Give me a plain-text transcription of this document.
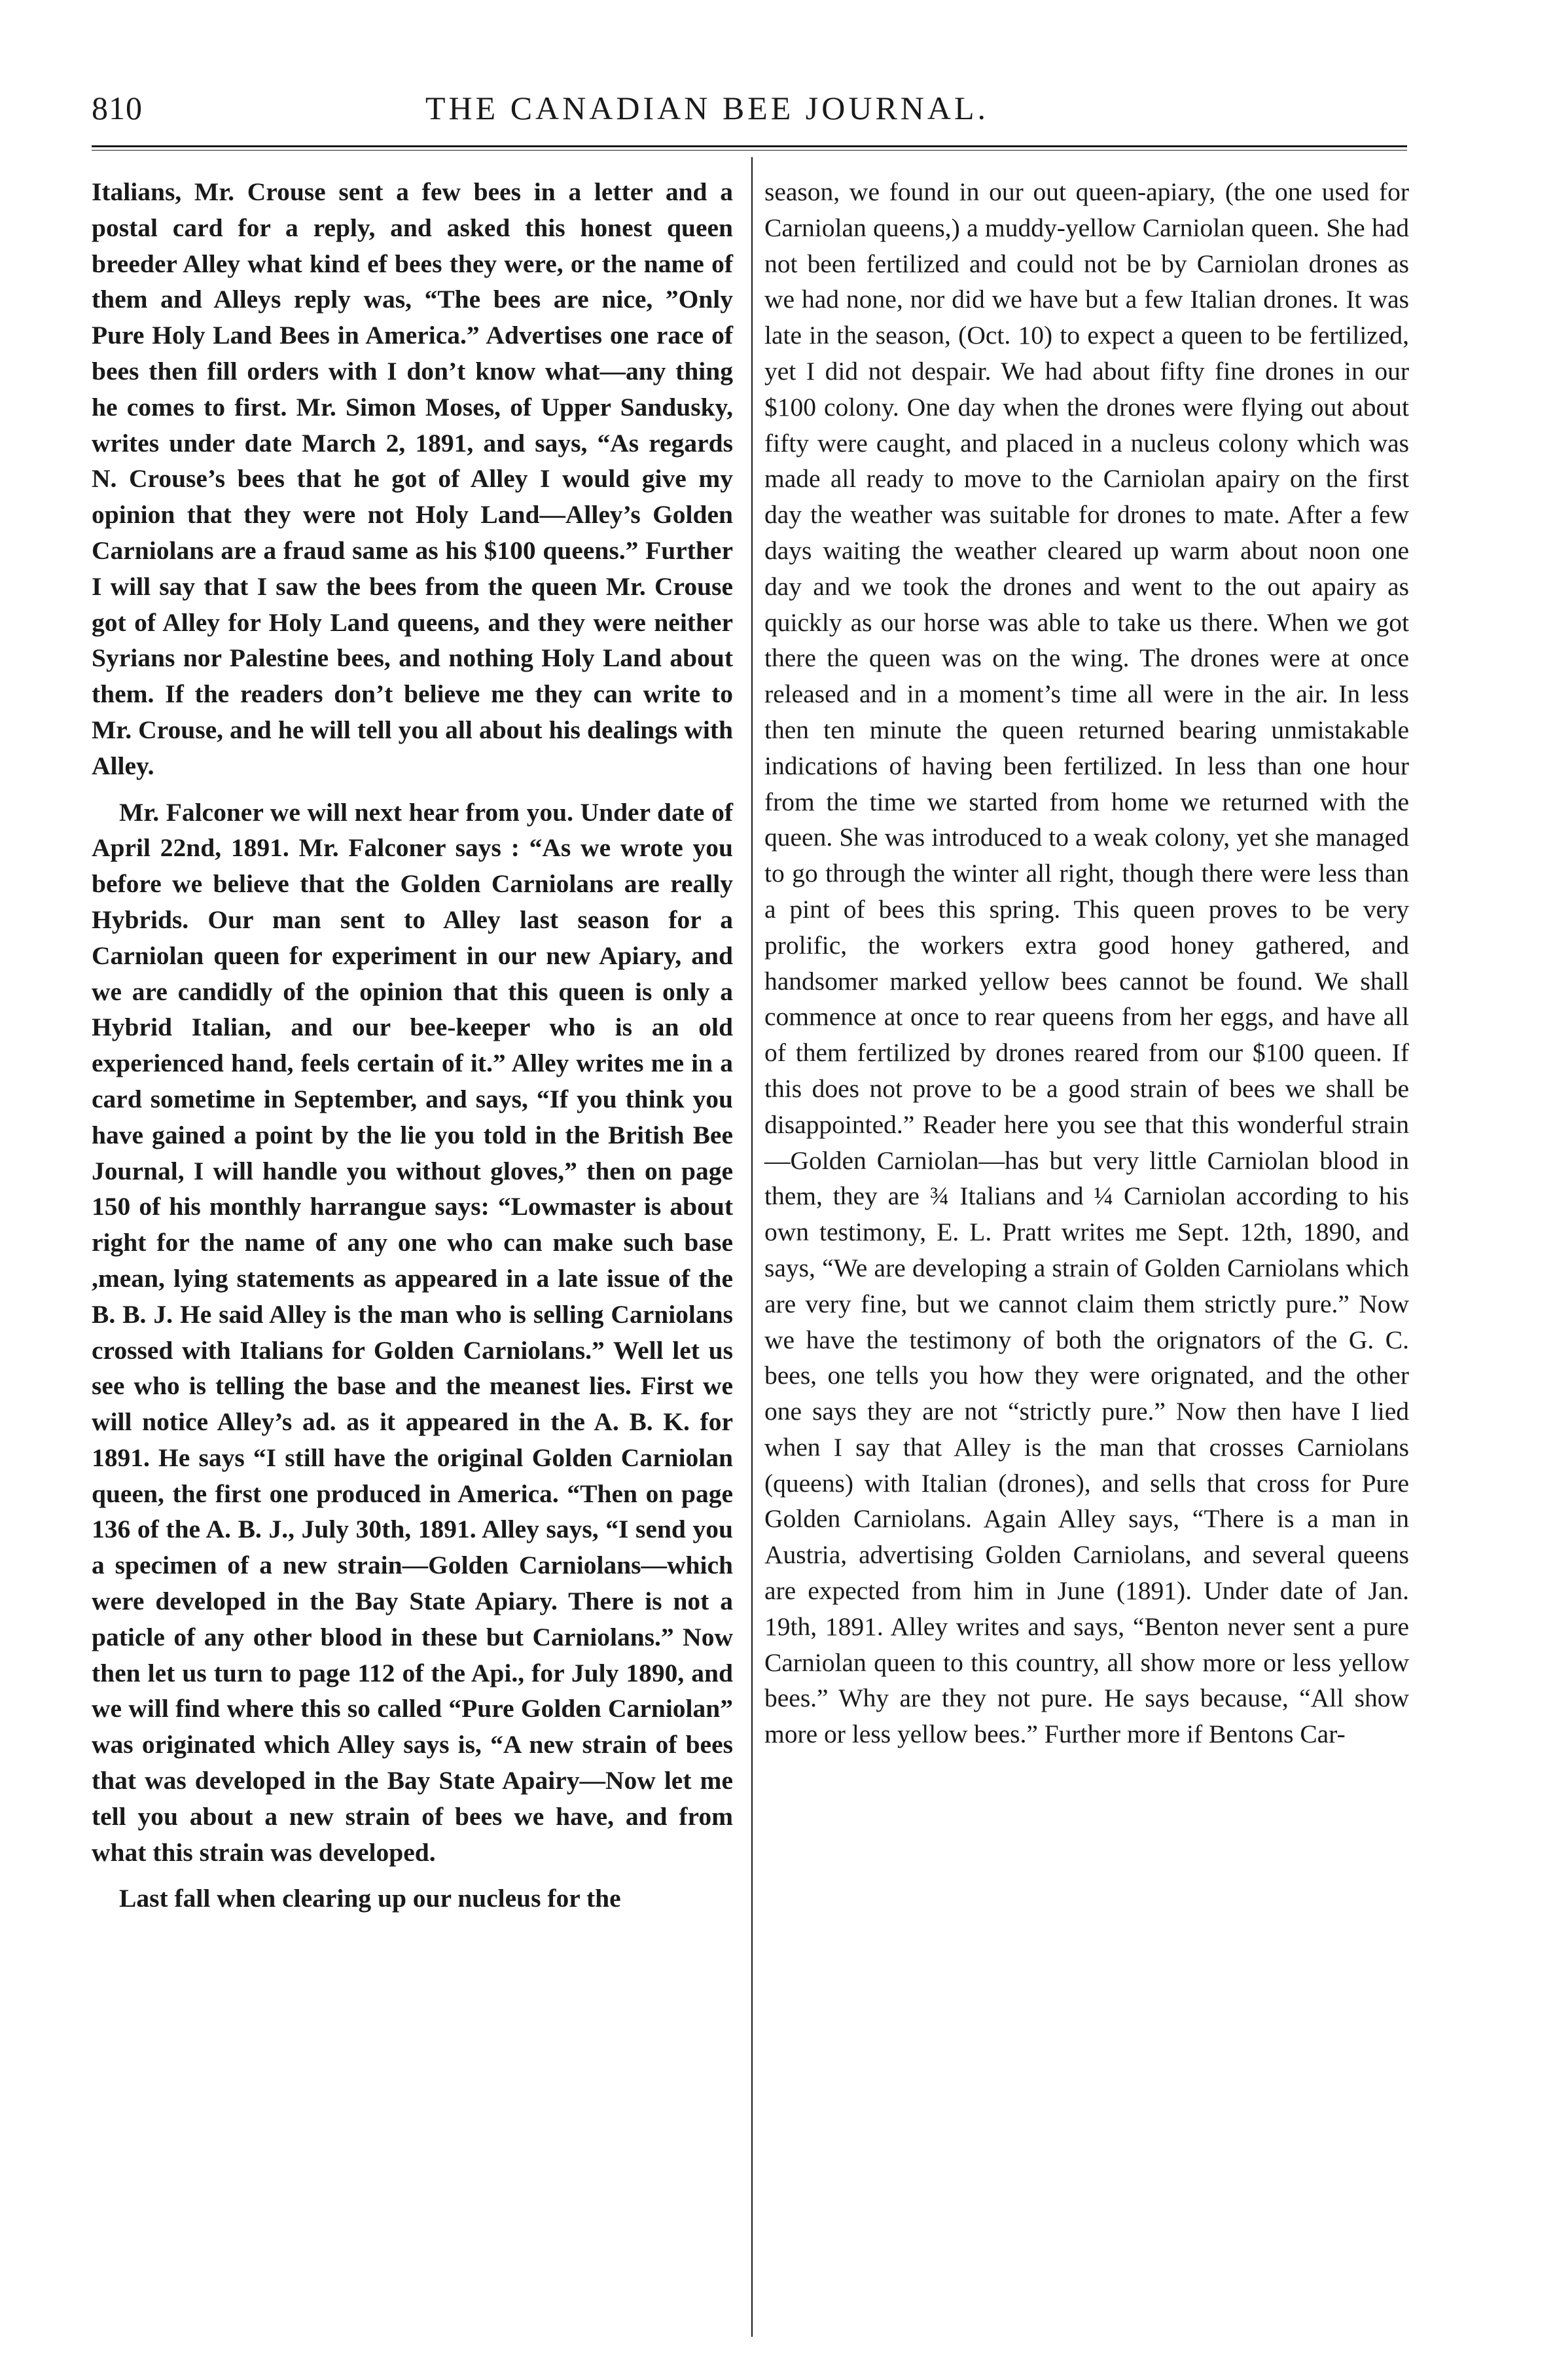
810	THE CANADIAN BEE JOURNAL.

Italians, Mr. Crouse sent a few bees in a letter and a postal card for a reply, and asked this honest queen breeder Alley what kind ef bees they were, or the name of them and Alleys reply was, “The bees are nice, ”Only Pure Holy Land Bees in America.” Advertises one race of bees then fill orders with I don’t know what—any thing he comes to first. Mr. Simon Moses, of Upper Sandusky, writes under date March 2, 1891, and says, “As regards N. Crouse’s bees that he got of Alley I would give my opinion that they were not Holy Land—Alley’s Golden Carniolans are a fraud same as his $100 queens.” Further I will say that I saw the bees from the queen Mr. Crouse got of Alley for Holy Land queens, and they were neither Syrians nor Palestine bees, and nothing Holy Land about them. If the readers don’t believe me they can write to Mr. Crouse, and he will tell you all about his dealings with Alley.

Mr. Falconer we will next hear from you. Under date of April 22nd, 1891. Mr. Falconer says : “As we wrote you before we believe that the Golden Carniolans are really Hybrids. Our man sent to Alley last season for a Carniolan queen for experiment in our new Apiary, and we are candidly of the opinion that this queen is only a Hybrid Italian, and our bee-keeper who is an old experienced hand, feels certain of it.” Alley writes me in a card sometime in September, and says, “If you think you have gained a point by the lie you told in the British Bee Journal, I will handle you without gloves,” then on page 150 of his monthly harrangue says: “Lowmaster is about right for the name of any one who can make such base ,mean, lying statements as appeared in a late issue of the B. B. J. He said Alley is the man who is selling Carniolans crossed with Italians for Golden Carniolans.” Well let us see who is telling the base and the meanest lies. First we will notice Alley’s ad. as it appeared in the A. B. K. for 1891. He says “I still have the original Golden Carniolan queen, the first one produced in America. “Then on page 136 of the A. B. J., July 30th, 1891. Alley says, “I send you a specimen of a new strain—Golden Carniolans—which were developed in the Bay State Apiary. There is not a paticle of any other blood in these but Carniolans.” Now then let us turn to page 112 of the Api., for July 1890, and we will find where this so called “Pure Golden Carniolan” was originated which Alley says is, “A new strain of bees that was developed in the Bay State Apairy—Now let me tell you about a new strain of bees we have, and from what this strain was developed.

Last fall when clearing up our nucleus for the

season, we found in our out queen-apiary, (the one used for Carniolan queens,) a muddy-yellow Carniolan queen. She had not been fertilized and could not be by Carniolan drones as we had none, nor did we have but a few Italian drones. It was late in the season, (Oct. 10) to expect a queen to be fertilized, yet I did not despair. We had about fifty fine drones in our $100 colony. One day when the drones were flying out about fifty were caught, and placed in a nucleus colony which was made all ready to move to the Carniolan apairy on the first day the weather was suitable for drones to mate. After a few days waiting the weather cleared up warm about noon one day and we took the drones and went to the out apairy as quickly as our horse was able to take us there. When we got there the queen was on the wing. The drones were at once released and in a moment’s time all were in the air. In less then ten minute the queen returned bearing unmistakable indications of having been fertilized. In less than one hour from the time we started from home we returned with the queen. She was introduced to a weak colony, yet she managed to go through the winter all right, though there were less than a pint of bees this spring. This queen proves to be very prolific, the workers extra good honey gathered, and handsomer marked yellow bees cannot be found. We shall commence at once to rear queens from her eggs, and have all of them fertilized by drones reared from our $100 queen. If this does not prove to be a good strain of bees we shall be disappointed.” Reader here you see that this wonderful strain—Golden Carniolan—has but very little Carniolan blood in them, they are ¾ Italians and ¼ Carniolan according to his own testimony, E. L. Pratt writes me Sept. 12th, 1890, and says, “We are developing a strain of Golden Carniolans which are very fine, but we cannot claim them strictly pure.” Now we have the testimony of both the orignators of the G. C. bees, one tells you how they were orignated, and the other one says they are not “strictly pure.” Now then have I lied when I say that Alley is the man that crosses Carniolans (queens) with Italian (drones), and sells that cross for Pure Golden Carniolans. Again Alley says, “There is a man in Austria, advertising Golden Carniolans, and several queens are expected from him in June (1891). Under date of Jan. 19th, 1891. Alley writes and says, “Benton never sent a pure Carniolan queen to this country, all show more or less yellow bees.” Why are they not pure. He says because, “All show more or less yellow bees.” Further more if Bentons Car-
